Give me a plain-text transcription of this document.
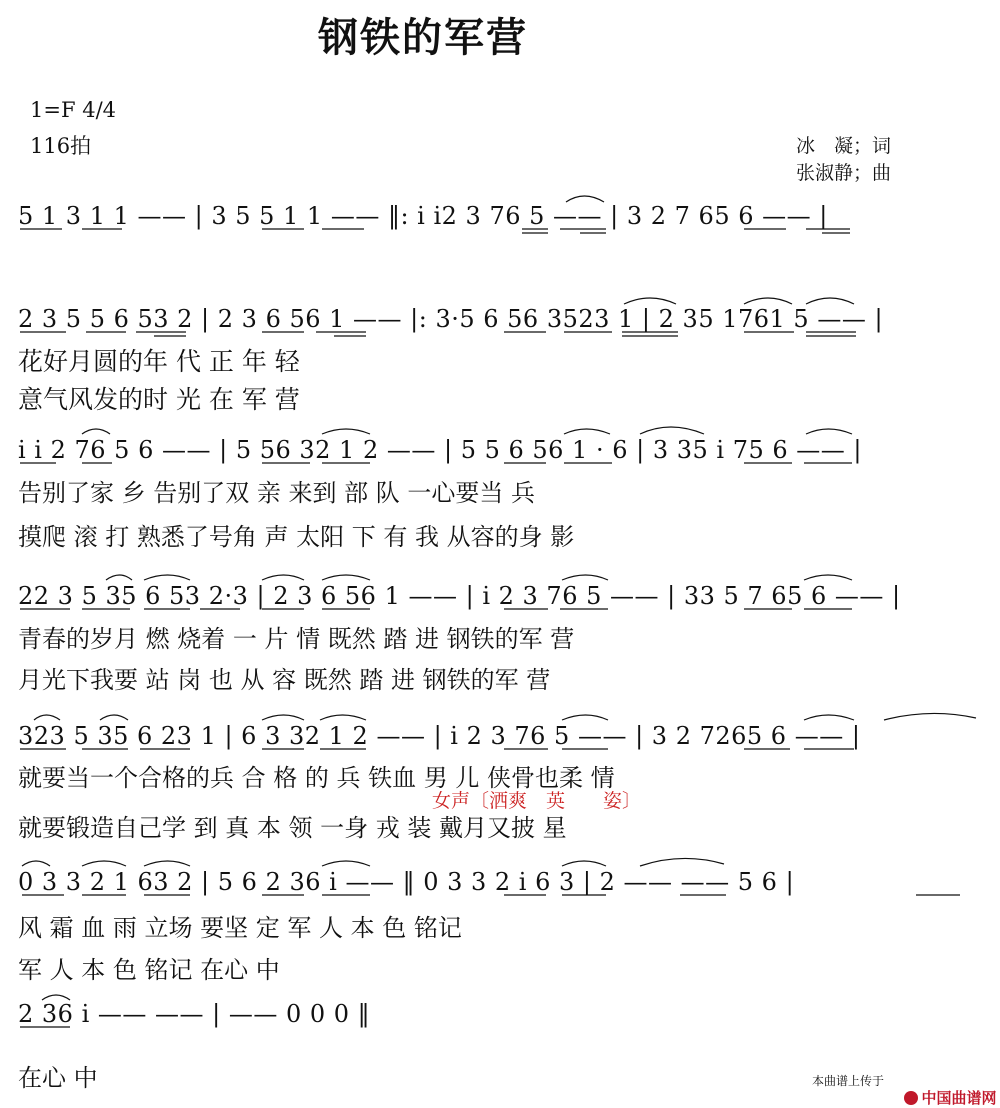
钢铁的军营
1=F 4/4
116拍	冰　凝；词
张淑静；曲
5 1 3 1 1 —— | 3 5 5 1 1 —— ‖: i i2 3 76 5 —— | 3 2 7 65 6 —— |
2 3 5 5 6 53 2 | 2 3 6 56 1 —— |: 3·5 6 56 3523 1 | 2 35 1761 5 —— |
i i 2 76 5 6 —— | 5 56 32 1 2 —— | 5 5 6 56 1 · 6 | 3 35 i 75 6 —— |
22 3 5 35 6 53 2·3 | 2 3 6 56 1 —— | i 2 3 76 5 —— | 33 5 7 65 6 —— |
323 5 35 6 23 1 | 6 3 32 1 2 —— | i 2 3 76 5 —— | 3 2 7265 6 —— |
0 3 3 2 1 63 2 | 5 6 2 36 i —— ‖ 0 3 3 2 i 6 3 | 2 —— —— 5 6 |
2 36 i —— —— | —— 0 0 0 ‖
花好月圆的年 代 正 年 轻
意气风发的时 光 在 军 营
告别了家 乡 告别了双 亲 来到 部 队 一心要当 兵
摸爬 滚 打 熟悉了号角 声 太阳 下 有 我 从容的身 影
青春的岁月 燃 烧着 一 片 情 既然 踏 进 钢铁的军 营
月光下我要 站 岗 也 从 容 既然 踏 进 钢铁的军 营
就要当一个合格的兵 合 格 的 兵 铁血 男 儿 侠骨也柔 情
就要锻造自己学 到 真 本 领 一身 戎 装 戴月又披 星
风 霜 血 雨 立场 要坚 定 军 人 本 色 铭记
军 人 本 色 铭记 在心 中
在心 中
女声〔洒爽　英　　姿〕
本曲谱上传于

中国曲谱网
